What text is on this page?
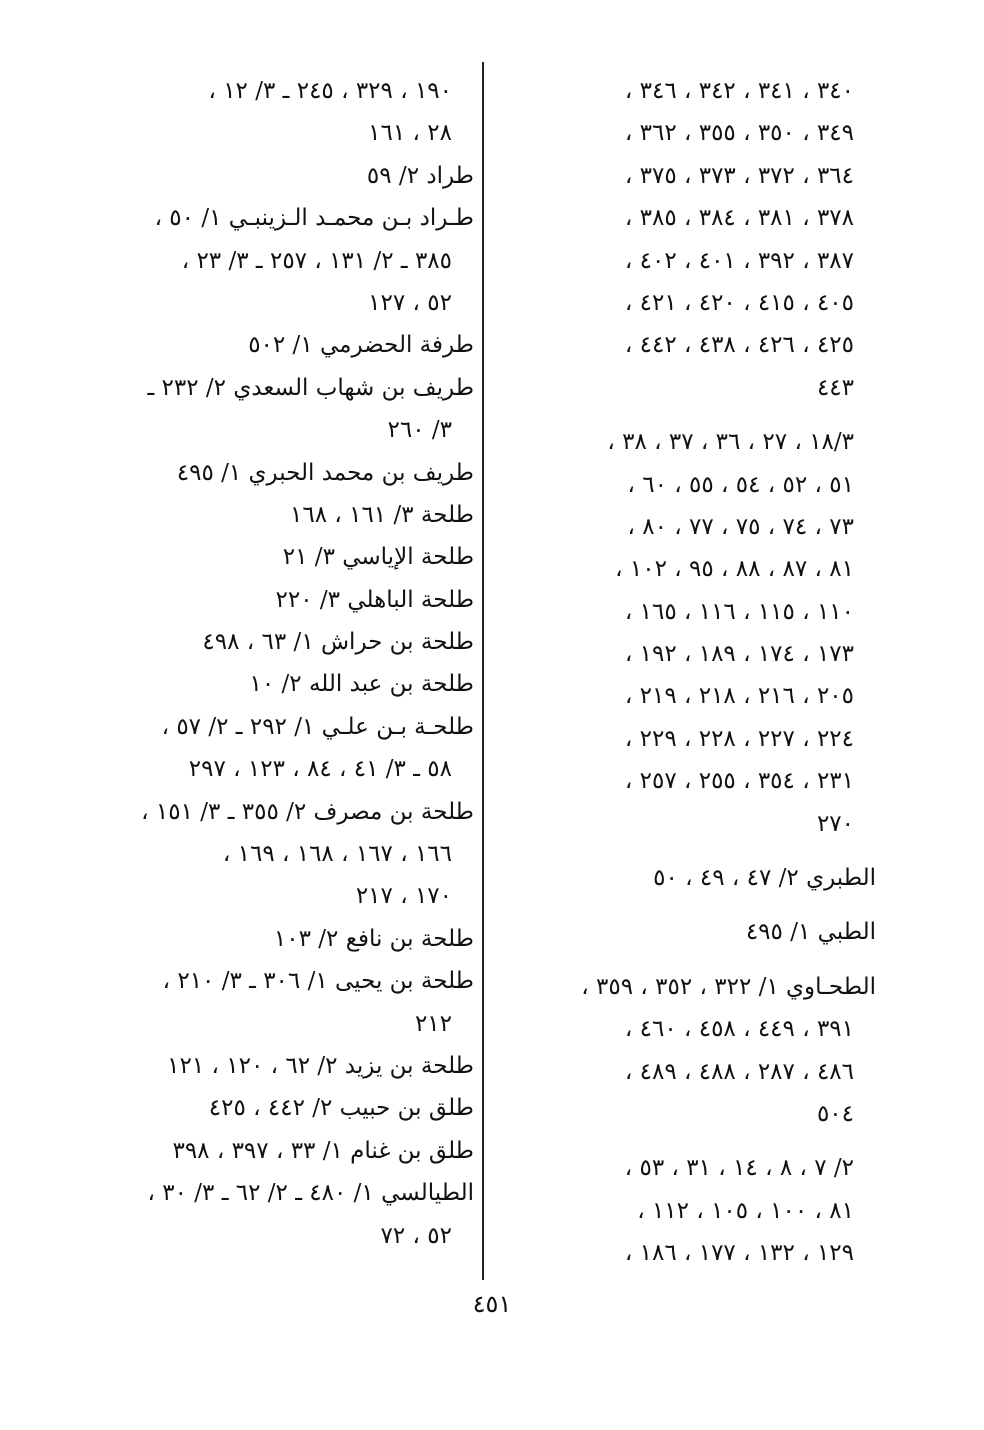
٣٤٠ ، ٣٤١ ، ٣٤٢ ، ٣٤٦ ،
٣٤٩ ، ٣٥٠ ، ٣٥٥ ، ٣٦٢ ،
٣٦٤ ، ٣٧٢ ، ٣٧٣ ، ٣٧٥ ،
٣٧٨ ، ٣٨١ ، ٣٨٤ ، ٣٨٥ ،
٣٨٧ ، ٣٩٢ ، ٤٠١ ، ٤٠٢ ،
٤٠٥ ، ٤١٥ ، ٤٢٠ ، ٤٢١ ،
٤٢٥ ، ٤٢٦ ، ٤٣٨ ، ٤٤٢ ،
٤٤٣
١٨/٣ ، ٢٧ ، ٣٦ ، ٣٧ ، ٣٨ ،
٥١ ، ٥٢ ، ٥٤ ، ٥٥ ، ٦٠ ،
٧٣ ، ٧٤ ، ٧٥ ، ٧٧ ، ٨٠ ،
٨١ ، ٨٧ ، ٨٨ ، ٩٥ ، ١٠٢ ،
١١٠ ، ١١٥ ، ١١٦ ، ١٦٥ ،
١٧٣ ، ١٧٤ ، ١٨٩ ، ١٩٢ ،
٢٠٥ ، ٢١٦ ، ٢١٨ ، ٢١٩ ،
٢٢٤ ، ٢٢٧ ، ٢٢٨ ، ٢٢٩ ،
٢٣١ ، ٣٥٤ ، ٢٥٥ ، ٢٥٧ ،
٢٧٠
الطبري ٢/ ٤٧ ، ٤٩ ، ٥٠
الطبي ١/ ٤٩٥
الطحـاوي ١/ ٣٢٢ ، ٣٥٢ ، ٣٥٩ ،
٣٩١ ، ٤٤٩ ، ٤٥٨ ، ٤٦٠ ،
٤٨٦ ، ٢٨٧ ، ٤٨٨ ، ٤٨٩ ،
٥٠٤
٢/ ٧ ، ٨ ، ١٤ ، ٣١ ، ٥٣ ،
٨١ ، ١٠٠ ، ١٠٥ ، ١١٢ ،
١٢٩ ، ١٣٢ ، ١٧٧ ، ١٨٦ ،
١٩٠ ، ٣٢٩ ، ٢٤٥ ـ ٣/ ١٢ ،
٢٨ ، ١٦١
طراد ٢/ ٥٩
طـراد بـن محمـد الـزينبـي ١/ ٥٠ ،
٣٨٥ ـ ٢/ ١٣١ ، ٢٥٧ ـ ٣/ ٢٣ ،
٥٢ ، ١٢٧
طرفة الحضرمي ١/ ٥٠٢
طريف بن شهاب السعدي ٢/ ٢٣٢ ـ
٣/ ٢٦٠
طريف بن محمد الحبري ١/ ٤٩٥
طلحة ٣/ ١٦١ ، ١٦٨
طلحة الإياسي ٣/ ٢١
طلحة الباهلي ٣/ ٢٢٠
طلحة بن حراش ١/ ٦٣ ، ٤٩٨
طلحة بن عبد الله ٢/ ١٠
طلحـة بـن علـي ١/ ٢٩٢ ـ ٢/ ٥٧ ،
٥٨ ـ ٣/ ٤١ ، ٨٤ ، ١٢٣ ، ٢٩٧
طلحة بن مصرف ٢/ ٣٥٥ ـ ٣/ ١٥١ ،
١٦٦ ، ١٦٧ ، ١٦٨ ، ١٦٩ ،
١٧٠ ، ٢١٧
طلحة بن نافع ٢/ ١٠٣
طلحة بن يحيى ١/ ٣٠٦ ـ ٣/ ٢١٠ ،
٢١٢
طلحة بن يزيد ٢/ ٦٢ ، ١٢٠ ، ١٢١
طلق بن حبيب ٢/ ٤٤٢ ، ٤٢٥
طلق بن غنام ١/ ٣٣ ، ٣٩٧ ، ٣٩٨
الطيالسي ١/ ٤٨٠ ـ ٢/ ٦٢ ـ ٣/ ٣٠ ،
٥٢ ، ٧٢
٤٥١
